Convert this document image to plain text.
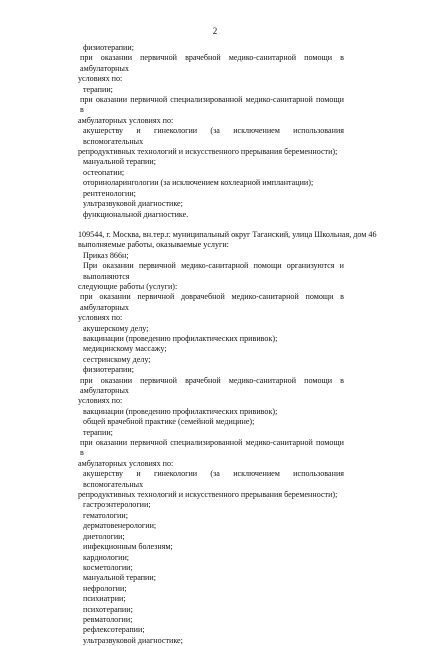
2
физиотерапии;
при оказании первичной врачебной медико-санитарной помощи в амбулаторных
условиях по:
терапии;
при оказании первичной специализированной медико-санитарной помощи в
амбулаторных условиях по:
акушерству и гинекологии (за исключением использования вспомогательных
репродуктивных технологий и искусственного прерывания беременности);
мануальной терапии;
остеопатии;
оториноларингологии (за исключением кохлеарной имплантации);
рентгенологии;
ультразвуковой диагностике;
функциональной диагностике.
109544, г. Москва, вн.тер.г. муниципальный округ Таганский, улица Школьная, дом 46
выполняемые работы, оказываемые услуги:
Приказ 866н;
При оказании первичной медико-санитарной помощи организуются и выполняются
следующие работы (услуги):
при оказании первичной доврачебной медико-санитарной помощи в амбулаторных
условиях по:
акушерскому делу;
вакцинации (проведению профилактических прививок);
медицинскому массажу;
сестринскому делу;
физиотерапии;
при оказании первичной врачебной медико-санитарной помощи в амбулаторных
условиях по:
вакцинации (проведению профилактических прививок);
общей врачебной практике (семейной медицине);
терапии;
при оказании первичной специализированной медико-санитарной помощи в
амбулаторных условиях по:
акушерству и гинекологии (за исключением использования вспомогательных
репродуктивных технологий и искусственного прерывания беременности);
гастроэнтерологии;
гематологии;
дерматовенерологии;
диетологии;
инфекционным болезням;
кардиологии;
косметологии;
мануальной терапии;
нефрологии;
психиатрии;
психотерапии;
ревматологии;
рефлексотерапии;
ультразвуковой диагностике;
